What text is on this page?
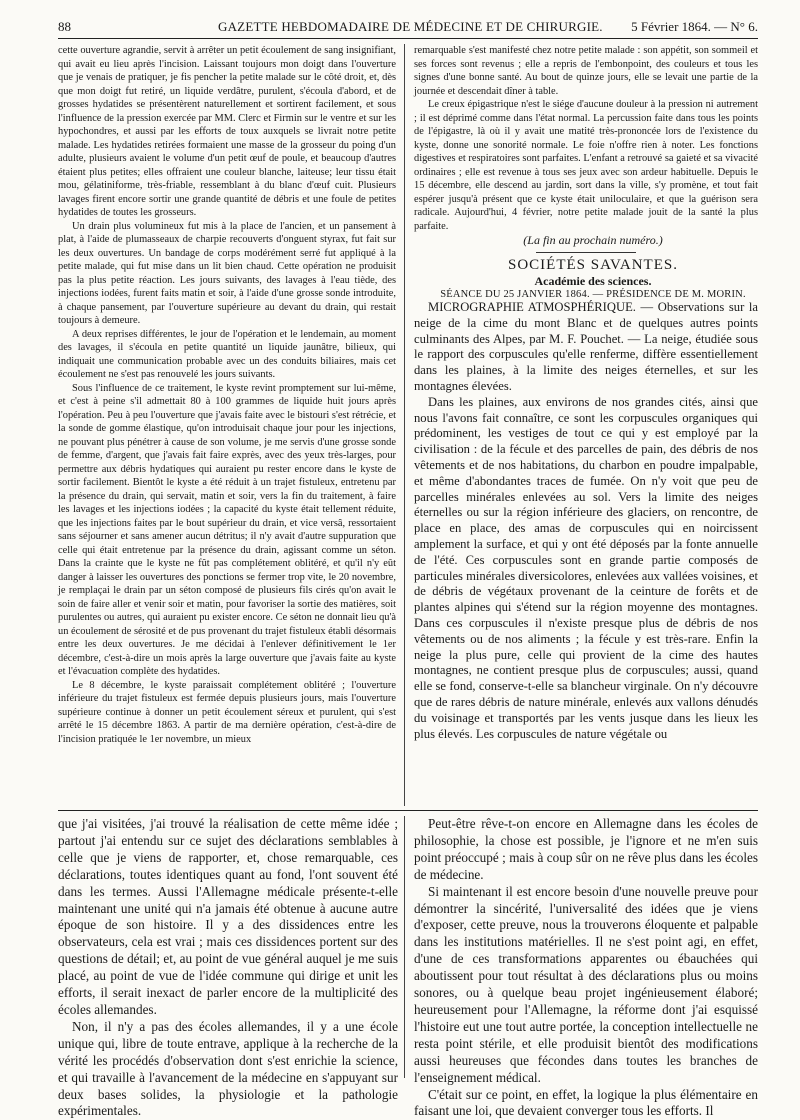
88	GAZETTE HEBDOMADAIRE DE MÉDECINE ET DE CHIRURGIE. 5 Février 1864. — N° 6.

cette ouverture agrandie, servit à arrêter un petit écoulement de sang insignifiant, qui avait eu lieu après l'incision. Laissant toujours mon doigt dans l'ouverture que je venais de pratiquer, je fis pencher la petite malade sur le côté droit, et, dès que mon doigt fut retiré, un liquide verdâtre, purulent, s'écoula d'abord, et de grosses hydatides se présentèrent naturellement et sortirent facilement, et sous l'influence de la pression exercée par MM. Clerc et Firmin sur le ventre et sur les hypochondres, et aussi par les efforts de toux auxquels se livrait notre petite malade. Les hydatides retirées formaient une masse de la grosseur du poing d'un adulte, plusieurs avaient le volume d'un petit œuf de poule, et beaucoup d'autres étaient plus petites; elles offraient une couleur blanche, laiteuse; leur tissu était mou, gélatiniforme, très-friable, ressemblant à du blanc d'œuf cuit. Plusieurs lavages firent encore sortir une grande quantité de débris et une foule de petites hydatides de toutes les grosseurs.

Un drain plus volumineux fut mis à la place de l'ancien, et un pansement à plat, à l'aide de plumasseaux de charpie recouverts d'onguent styrax, fut fait sur les deux ouvertures. Un bandage de corps modérément serré fut appliqué à la petite malade, qui fut mise dans un lit bien chaud. Cette opération ne produisit pas la plus petite réaction. Les jours suivants, des lavages à l'eau tiède, des injections iodées, furent faits matin et soir, à l'aide d'une grosse sonde introduite, à chaque pansement, par l'ouverture supérieure au devant du drain, qui restait toujours à demeure.

A deux reprises différentes, le jour de l'opération et le lendemain, au moment des lavages, il s'écoula en petite quantité un liquide jaunâtre, bilieux, qui indiquait une communication probable avec un des conduits biliaires, mais cet écoulement ne s'est pas renouvelé les jours suivants.

Sous l'influence de ce traitement, le kyste revint promptement sur lui-même, et c'est à peine s'il admettait 80 à 100 grammes de liquide huit jours après l'opération. Peu à peu l'ouverture que j'avais faite avec le bistouri s'est rétrécie, et la sonde de gomme élastique, qu'on introduisait chaque jour pour les injections, ne pouvant plus pénétrer à cause de son volume, je me servis d'une grosse sonde de femme, d'argent, que j'avais fait faire exprès, avec des yeux très-larges, pour permettre aux débris hydatiques qui auraient pu rester encore dans le kyste de sortir facilement. Bientôt le kyste a été réduit à un trajet fistuleux, entretenu par la présence du drain, qui servait, matin et soir, vers la fin du traitement, à faire les lavages et les injections iodées ; la capacité du kyste était tellement réduite, que les injections faites par le bout supérieur du drain, et vice versâ, ressortaient sans séjourner et sans amener aucun détritus; il n'y avait d'autre suppuration que celle qui était entretenue par la présence du drain, agissant comme un séton. Dans la crainte que le kyste ne fût pas complétement oblitéré, et qu'il n'y eût danger à laisser les ouvertures des ponctions se fermer trop vite, le 20 novembre, je remplaçai le drain par un séton composé de plusieurs fils cirés qu'on avait le soin de faire aller et venir soir et matin, pour favoriser la sortie des matières, soit purulentes ou autres, qui auraient pu exister encore. Ce séton ne donnait lieu qu'à un écoulement de sérosité et de pus provenant du trajet fistuleux établi désormais entre les deux ouvertures. Je me décidai à l'enlever définitivement le 1er décembre, c'est-à-dire un mois après la large ouverture que j'avais faite au kyste et l'évacuation complète des hydatides.

Le 8 décembre, le kyste paraissait complétement oblitéré ; l'ouverture inférieure du trajet fistuleux est fermée depuis plusieurs jours, mais l'ouverture supérieure continue à donner un petit écoulement séreux et purulent, qui s'est arrêté le 15 décembre 1863. A partir de ma dernière opération, c'est-à-dire de l'incision pratiquée le 1er novembre, un mieux

remarquable s'est manifesté chez notre petite malade : son appétit, son sommeil et ses forces sont revenus ; elle a repris de l'embonpoint, des couleurs et tous les signes d'une bonne santé. Au bout de quinze jours, elle se levait une partie de la journée et descendait dîner à table.

Le creux épigastrique n'est le siége d'aucune douleur à la pression ni autrement ; il est déprimé comme dans l'état normal. La percussion faite dans tous les points de l'épigastre, là où il y avait une matité très-prononcée lors de l'existence du kyste, donne une sonorité normale. Le foie n'offre rien à noter. Les fonctions digestives et respiratoires sont parfaites. L'enfant a retrouvé sa gaieté et sa vivacité ordinaires ; elle est revenue à tous ses jeux avec son ardeur habituelle. Depuis le 15 décembre, elle descend au jardin, sort dans la ville, s'y promène, et tout fait espérer jusqu'à présent que ce kyste était uniloculaire, et que la guérison sera radicale. Aujourd'hui, 4 février, notre petite malade jouit de la santé la plus parfaite.

(La fin au prochain numéro.)

SOCIÉTÉS SAVANTES.

Académie des sciences.

SÉANCE DU 25 JANVIER 1864. — PRÉSIDENCE DE M. MORIN.

MICROGRAPHIE ATMOSPHÉRIQUE. — Observations sur la neige de la cime du mont Blanc et de quelques autres points culminants des Alpes, par M. F. Pouchet. — La neige, étudiée sous le rapport des corpuscules qu'elle renferme, diffère essentiellement dans les plaines, à la limite des neiges éternelles, et sur les montagnes élevées.

Dans les plaines, aux environs de nos grandes cités, ainsi que nous l'avons fait connaître, ce sont les corpuscules organiques qui prédominent, les vestiges de tout ce qui y est employé par la civilisation : de la fécule et des parcelles de pain, des débris de nos vêtements et de nos habitations, du charbon en poudre impalpable, et même d'abondantes traces de fumée. On n'y voit que peu de parcelles minérales enlevées au sol. Vers la limite des neiges éternelles ou sur la région inférieure des glaciers, on rencontre, de place en place, des amas de corpuscules qui en noircissent amplement la surface, et qui y ont été déposés par la fonte annuelle de l'été. Ces corpuscules sont en grande partie composés de particules minérales diversicolores, enlevées aux vallées voisines, et de débris de végétaux provenant de la ceinture de forêts et de plantes alpines qui s'étend sur la région moyenne des montagnes. Dans ces corpuscules il n'existe presque plus de débris de nos vêtements ou de nos aliments ; la fécule y est très-rare. Enfin la neige la plus pure, celle qui provient de la cime des hautes montagnes, ne contient presque plus de corpuscules; aussi, quand elle se fond, conserve-t-elle sa blancheur virginale. On n'y découvre que de rares débris de nature minérale, enlevés aux vallons dénudés du voisinage et transportés par les vents jusque dans les lieux les plus élevés. Les corpuscules de nature végétale ou

que j'ai visitées, j'ai trouvé la réalisation de cette même idée ; partout j'ai entendu sur ce sujet des déclarations semblables à celle que je viens de rapporter, et, chose remarquable, ces déclarations, toutes identiques quant au fond, l'ont souvent été dans les termes. Aussi l'Allemagne médicale présente-t-elle maintenant une unité qui n'a jamais été obtenue à aucune autre époque de son histoire. Il y a des dissidences entre les observateurs, cela est vrai ; mais ces dissidences portent sur des questions de détail; et, au point de vue général auquel je me suis placé, au point de vue de l'idée commune qui dirige et unit les efforts, il serait inexact de parler encore de la multiplicité des écoles allemandes.

Non, il n'y a pas des écoles allemandes, il y a une école unique qui, libre de toute entrave, applique à la recherche de la vérité les procédés d'observation dont s'est enrichie la science, et qui travaille à l'avancement de la médecine en s'appuyant sur deux bases solides, la physiologie et la pathologie expérimentales.

Peut-être rêve-t-on encore en Allemagne dans les écoles de philosophie, la chose est possible, je l'ignore et ne m'en suis point préoccupé ; mais à coup sûr on ne rêve plus dans les écoles de médecine.

Si maintenant il est encore besoin d'une nouvelle preuve pour démontrer la sincérité, l'universalité des idées que je viens d'exposer, cette preuve, nous la trouverons éloquente et palpable dans les institutions matérielles. Il ne s'est point agi, en effet, d'une de ces transformations apparentes ou ébauchées qui aboutissent pour tout résultat à des déclarations plus ou moins sonores, ou à quelque beau projet ingénieusement élaboré; heureusement pour l'Allemagne, la réforme dont j'ai esquissé l'histoire eut une tout autre portée, la conception intellectuelle ne resta point stérile, et elle produisit bientôt des modifications aussi heureuses que fécondes dans toutes les branches de l'enseignement médical.

C'était sur ce point, en effet, la logique la plus élémentaire en faisant une loi, que devaient converger tous les efforts. Il
